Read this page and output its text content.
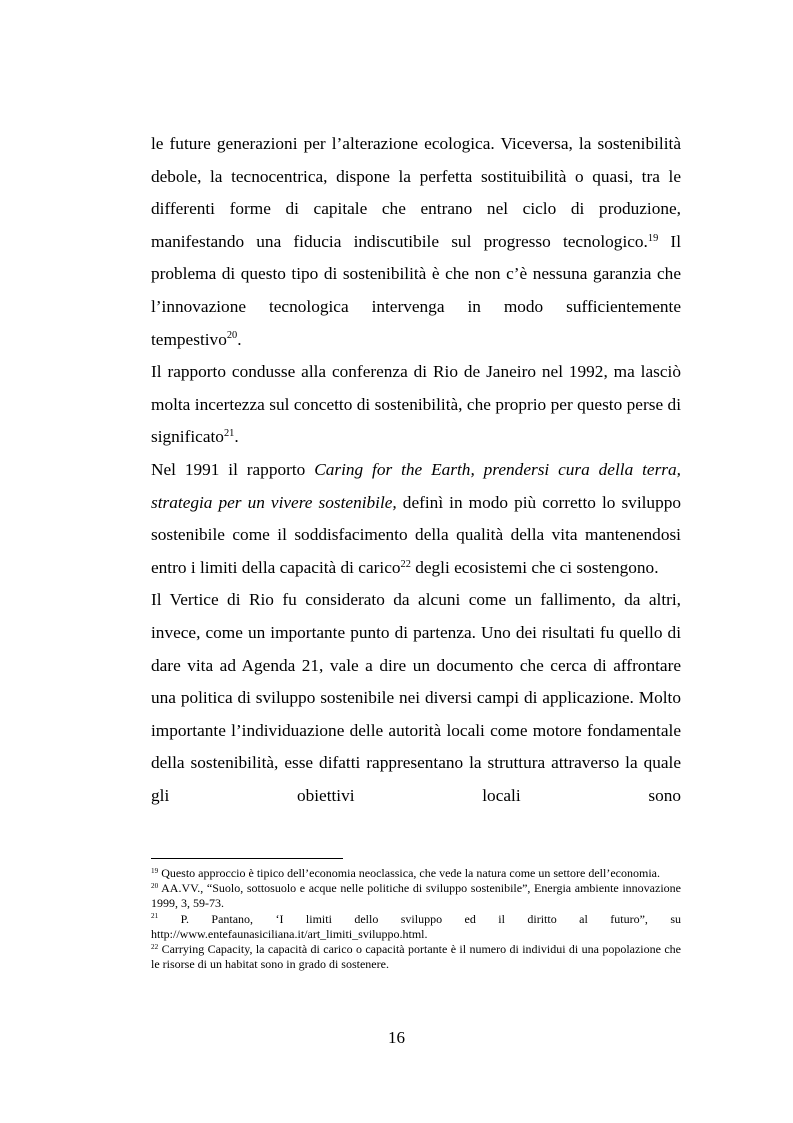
le future generazioni per l’alterazione ecologica. Viceversa, la sostenibilità debole, la tecnocentrica, dispone la perfetta sostituibilità o quasi, tra le differenti forme di capitale che entrano nel ciclo di produzione, manifestando una fiducia indiscutibile sul progresso tecnologico.$^{19}$ Il problema di questo tipo di sostenibilità è che non c’è nessuna garanzia che l’innovazione tecnologica intervenga in modo sufficientemente tempestivo$^{20}$.

Il rapporto condusse alla conferenza di Rio de Janeiro nel 1992, ma lasciò molta incertezza sul concetto di sostenibilità, che proprio per questo perse di significato$^{21}$.

Nel 1991 il rapporto Caring for the Earth, prendersi cura della terra, strategia per un vivere sostenibile, definì in modo più corretto lo sviluppo sostenibile come il soddisfacimento della qualità della vita mantenendosi entro i limiti della capacità di carico$^{22}$ degli ecosistemi che ci sostengono.

Il Vertice di Rio fu considerato da alcuni come un fallimento, da altri, invece, come un importante punto di partenza. Uno dei risultati fu quello di dare vita ad Agenda 21, vale a dire un documento che cerca di affrontare una politica di sviluppo sostenibile nei diversi campi di applicazione. Molto importante l’individuazione delle autorità locali come motore fondamentale della sostenibilità, esse difatti rappresentano la struttura attraverso la quale gli obiettivi locali sono

$^{19}$ Questo approccio è tipico dell’economia neoclassica, che vede la natura come un settore dell’economia.

$^{20}$ AA.VV., “Suolo, sottosuolo e acque nelle politiche di sviluppo sostenibile”, Energia ambiente innovazione 1999, 3, 59-73.

$^{21}$ P. Pantano, ‘I limiti dello sviluppo ed il diritto al futuro”, su http://www.entefaunasiciliana.it/art_limiti_sviluppo.html.

$^{22}$ Carrying Capacity, la capacità di carico o capacità portante è il numero di individui di una popolazione che le risorse di un habitat sono in grado di sostenere.

16
